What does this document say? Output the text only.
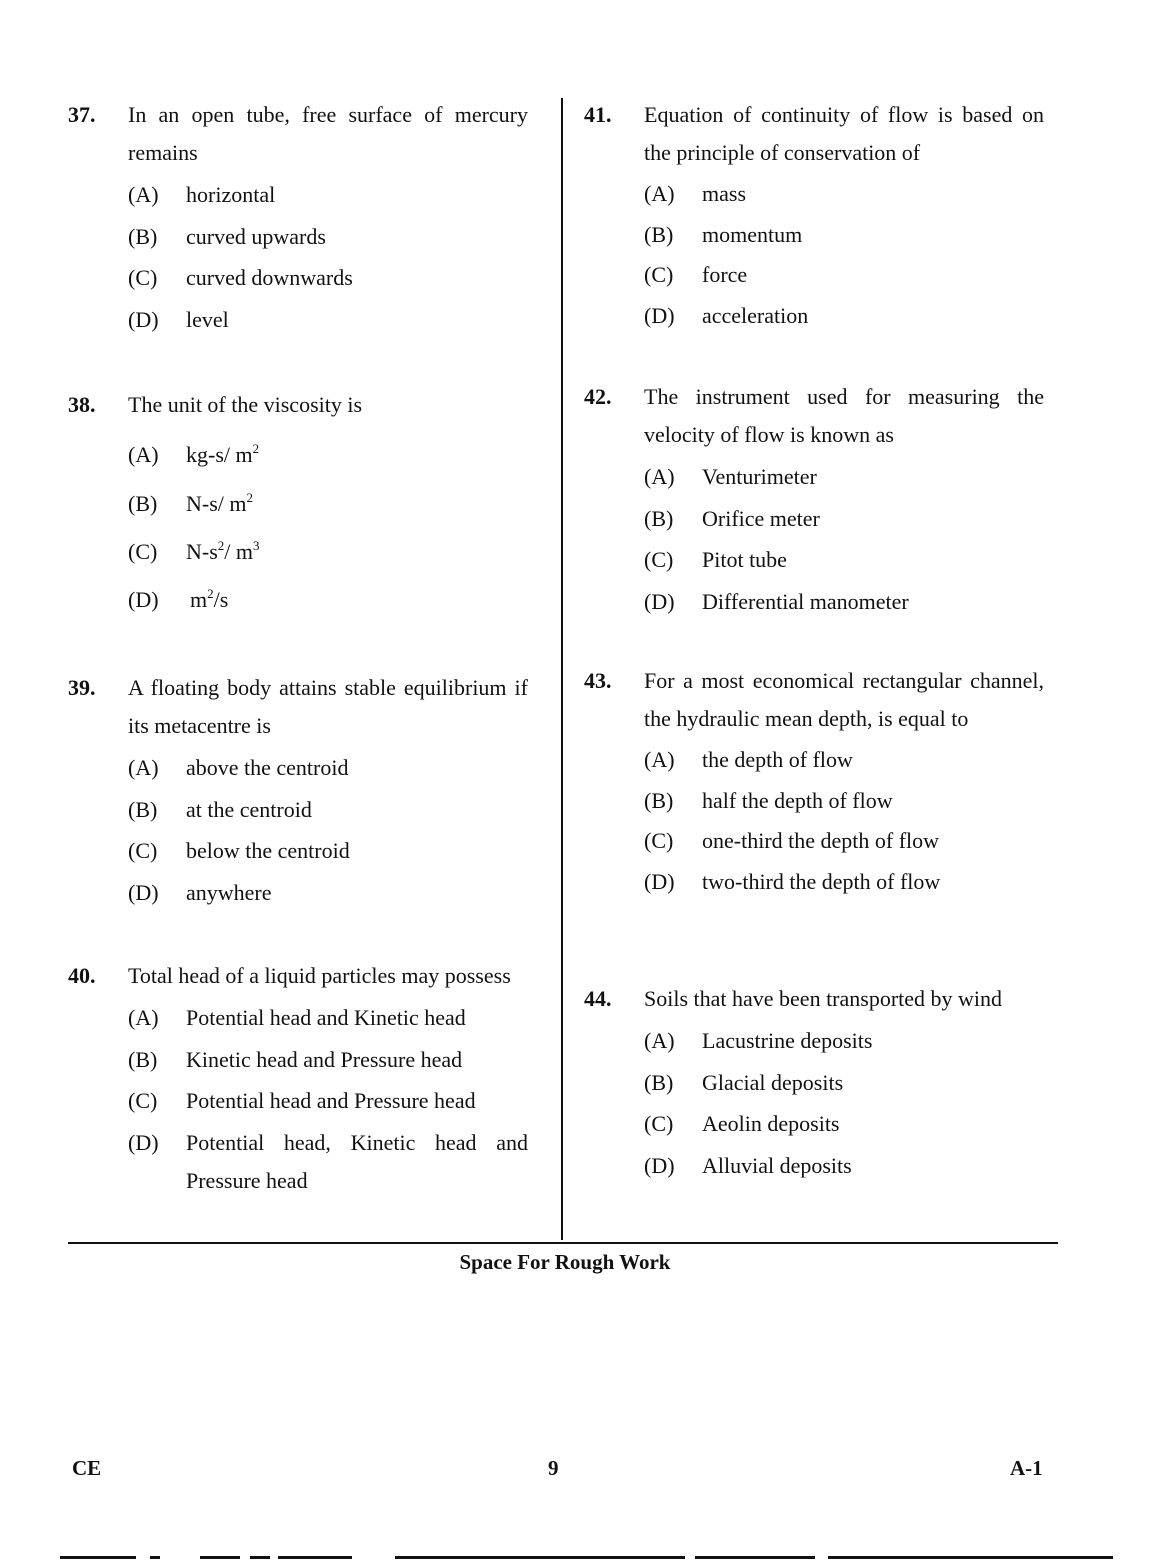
37.	In an open tube, free surface of mercury remains
(A)	horizontal
(B)	curved upwards
(C)	curved downwards
(D)	level
38.	The unit of the viscosity is
(A)	kg-s/ $m^2$
(B)	N-s/ $m^2$
(C)	$N-s^2/$ $m^3$
(D)	$m^2/s$
39.	A floating body attains stable equilibrium if its metacentre is
(A)	above the centroid
(B)	at the centroid
(C)	below the centroid
(D)	anywhere
40.	Total head of a liquid particles may possess
(A)	Potential head and Kinetic head
(B)	Kinetic head and Pressure head
(C)	Potential head and Pressure head
(D)	Potential head, Kinetic head and Pressure head
41.	Equation of continuity of flow is based on the principle of conservation of
(A)	mass
(B)	momentum
(C)	force
(D)	acceleration
42.	The instrument used for measuring the velocity of flow is known as
(A)	Venturimeter
(B)	Orifice meter
(C)	Pitot tube
(D)	Differential manometer
43.	For a most economical rectangular channel, the hydraulic mean depth, is equal to
(A)	the depth of flow
(B)	half the depth of flow
(C)	one-third the depth of flow
(D)	two-third the depth of flow
44.	Soils that have been transported by wind
(A)	Lacustrine deposits
(B)	Glacial deposits
(C)	Aeolin deposits
(D)	Alluvial deposits
Space For Rough Work
CE	9	A-1
